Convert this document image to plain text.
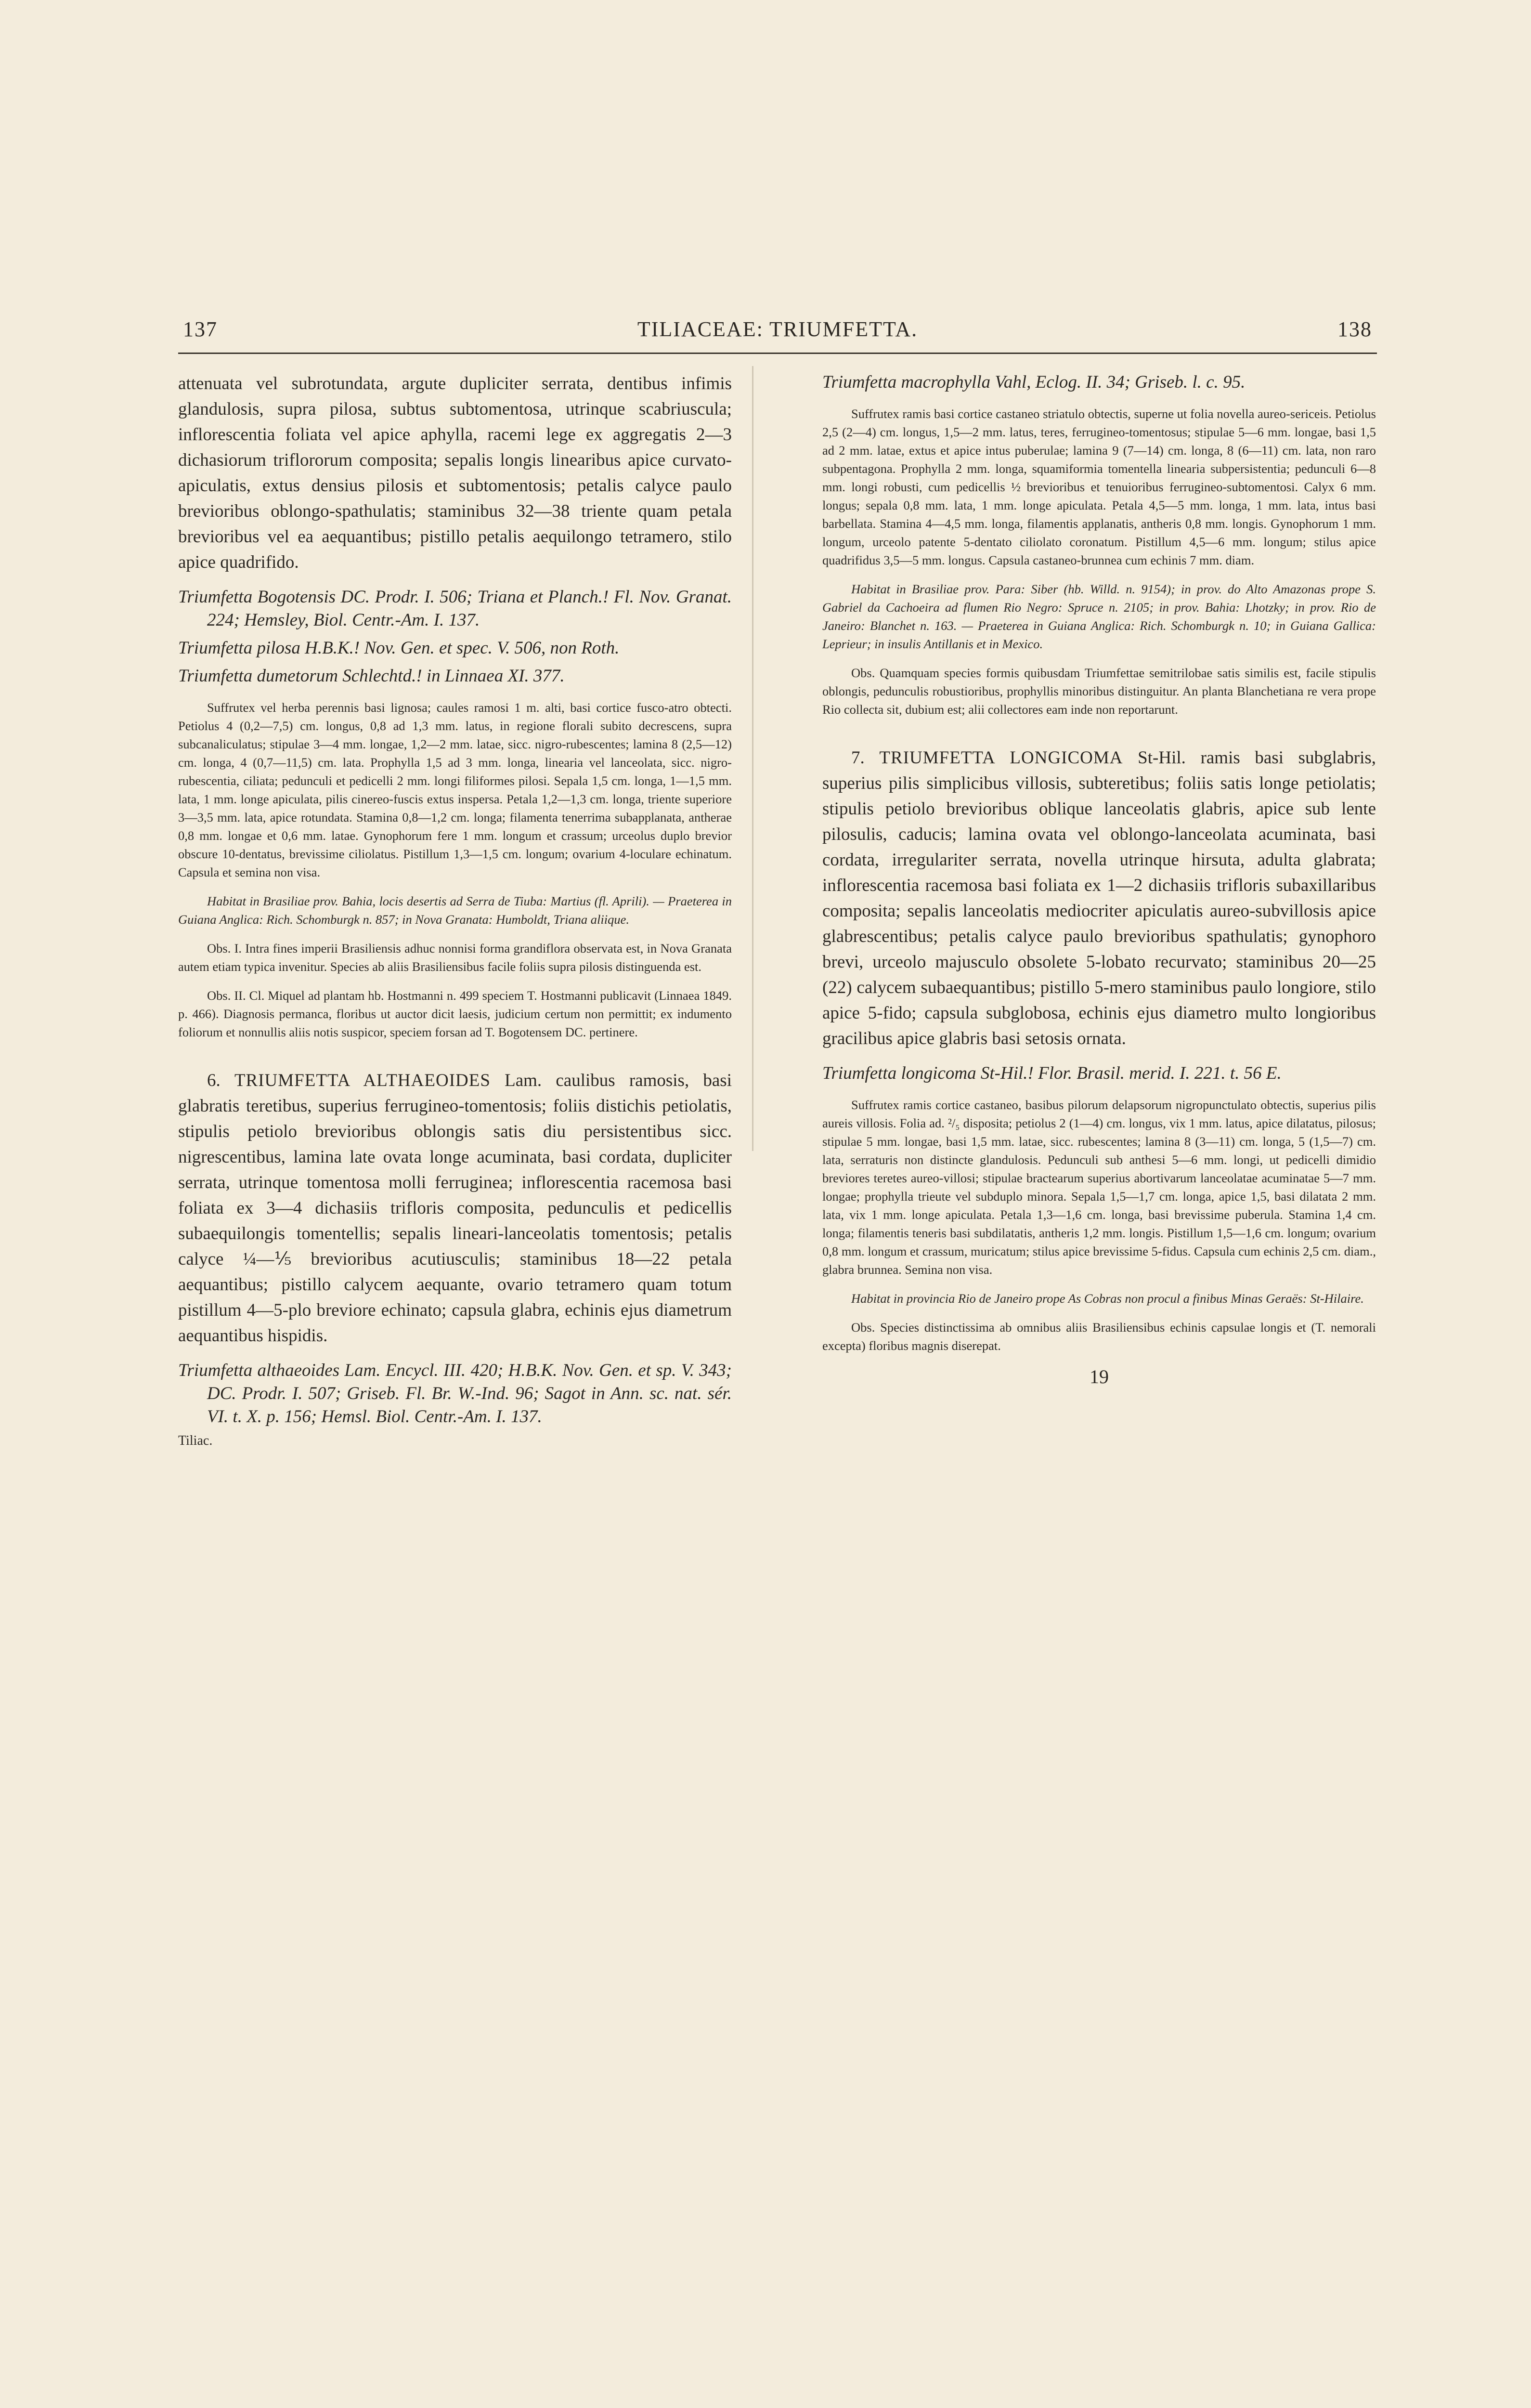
137	TILIACEAE: TRIUMFETTA.	138

attenuata vel subrotundata, argute dupliciter serrata, dentibus infimis glandulosis, supra pilosa, subtus subtomentosa, utrinque scabriuscula; inflorescentia foliata vel apice aphylla, racemi lege ex aggregatis 2—3 dichasiorum triflororum composita; sepalis longis linearibus apice curvato-apiculatis, extus densius pilosis et subtomentosis; petalis calyce paulo brevioribus oblongo-spathulatis; staminibus 32—38 triente quam petala brevioribus vel ea aequantibus; pistillo petalis aequilongo tetramero, stilo apice quadrifido.

Triumfetta Bogotensis DC. Prodr. I. 506; Triana et Planch.! Fl. Nov. Granat. 224; Hemsley, Biol. Centr.-Am. I. 137.

Triumfetta pilosa H.B.K.! Nov. Gen. et spec. V. 506, non Roth.

Triumfetta dumetorum Schlechtd.! in Linnaea XI. 377.

Suffrutex vel herba perennis basi lignosa; caules ramosi 1 m. alti, basi cortice fusco-atro obtecti. Petiolus 4 (0,2—7,5) cm. longus, 0,8 ad 1,3 mm. latus, in regione florali subito decrescens, supra subcanaliculatus; stipulae 3—4 mm. longae, 1,2—2 mm. latae, sicc. nigro-rubescentes; lamina 8 (2,5—12) cm. longa, 4 (0,7—11,5) cm. lata. Prophylla 1,5 ad 3 mm. longa, linearia vel lanceolata, sicc. nigro-rubescentia, ciliata; pedunculi et pedicelli 2 mm. longi filiformes pilosi. Sepala 1,5 cm. longa, 1—1,5 mm. lata, 1 mm. longe apiculata, pilis cinereo-fuscis extus inspersa. Petala 1,2—1,3 cm. longa, triente superiore 3—3,5 mm. lata, apice rotundata. Stamina 0,8—1,2 cm. longa; filamenta tenerrima subapplanata, antherae 0,8 mm. longae et 0,6 mm. latae. Gynophorum fere 1 mm. longum et crassum; urceolus duplo brevior obscure 10-dentatus, brevissime ciliolatus. Pistillum 1,3—1,5 cm. longum; ovarium 4-loculare echinatum. Capsula et semina non visa.

Habitat in Brasiliae prov. Bahia, locis desertis ad Serra de Tiuba: Martius (fl. Aprili). — Praeterea in Guiana Anglica: Rich. Schomburgk n. 857; in Nova Granata: Humboldt, Triana aliique.

Obs. I. Intra fines imperii Brasiliensis adhuc nonnisi forma grandiflora observata est, in Nova Granata autem etiam typica invenitur. Species ab aliis Brasiliensibus facile foliis supra pilosis distinguenda est.

Obs. II. Cl. Miquel ad plantam hb. Hostmanni n. 499 speciem T. Hostmanni publicavit (Linnaea 1849. p. 466). Diagnosis permanca, floribus ut auctor dicit laesis, judicium certum non permittit; ex indumento foliorum et nonnullis aliis notis suspicor, speciem forsan ad T. Bogotensem DC. pertinere.

6. TRIUMFETTA ALTHAEOIDES Lam. caulibus ramosis, basi glabratis teretibus, superius ferrugineo-tomentosis; foliis distichis petiolatis, stipulis petiolo brevioribus oblongis satis diu persistentibus sicc. nigrescentibus, lamina late ovata longe acuminata, basi cordata, dupliciter serrata, utrinque tomentosa molli ferruginea; inflorescentia racemosa basi foliata ex 3—4 dichasiis trifloris composita, pedunculis et pedicellis subaequilongis tomentellis; sepalis lineari-lanceolatis tomentosis; petalis calyce ¼—⅕ brevioribus acutiusculis; staminibus 18—22 petala aequantibus; pistillo calycem aequante, ovario tetramero quam totum pistillum 4—5-plo breviore echinato; capsula glabra, echinis ejus diametrum aequantibus hispidis.

Triumfetta althaeoides Lam. Encycl. III. 420; H.B.K. Nov. Gen. et sp. V. 343; DC. Prodr. I. 507; Griseb. Fl. Br. W.-Ind. 96; Sagot in Ann. sc. nat. sér. VI. t. X. p. 156; Hemsl. Biol. Centr.-Am. I. 137.

Tiliac.

Triumfetta macrophylla Vahl, Eclog. II. 34; Griseb. l. c. 95.

Suffrutex ramis basi cortice castaneo striatulo obtectis, superne ut folia novella aureo-sericeis. Petiolus 2,5 (2—4) cm. longus, 1,5—2 mm. latus, teres, ferrugineo-tomentosus; stipulae 5—6 mm. longae, basi 1,5 ad 2 mm. latae, extus et apice intus puberulae; lamina 9 (7—14) cm. longa, 8 (6—11) cm. lata, non raro subpentagona. Prophylla 2 mm. longa, squamiformia tomentella linearia subpersistentia; pedunculi 6—8 mm. longi robusti, cum pedicellis ½ brevioribus et tenuioribus ferrugineo-subtomentosi. Calyx 6 mm. longus; sepala 0,8 mm. lata, 1 mm. longe apiculata. Petala 4,5—5 mm. longa, 1 mm. lata, intus basi barbellata. Stamina 4—4,5 mm. longa, filamentis applanatis, antheris 0,8 mm. longis. Gynophorum 1 mm. longum, urceolo patente 5-dentato ciliolato coronatum. Pistillum 4,5—6 mm. longum; stilus apice quadrifidus 3,5—5 mm. longus. Capsula castaneo-brunnea cum echinis 7 mm. diam.

Habitat in Brasiliae prov. Para: Siber (hb. Willd. n. 9154); in prov. do Alto Amazonas prope S. Gabriel da Cachoeira ad flumen Rio Negro: Spruce n. 2105; in prov. Bahia: Lhotzky; in prov. Rio de Janeiro: Blanchet n. 163. — Praeterea in Guiana Anglica: Rich. Schomburgk n. 10; in Guiana Gallica: Leprieur; in insulis Antillanis et in Mexico.

Obs. Quamquam species formis quibusdam Triumfettae semitrilobae satis similis est, facile stipulis oblongis, pedunculis robustioribus, prophyllis minoribus distinguitur. An planta Blanchetiana re vera prope Rio collecta sit, dubium est; alii collectores eam inde non reportarunt.

7. TRIUMFETTA LONGICOMA St-Hil. ramis basi subglabris, superius pilis simplicibus villosis, subteretibus; foliis satis longe petiolatis; stipulis petiolo brevioribus oblique lanceolatis glabris, apice sub lente pilosulis, caducis; lamina ovata vel oblongo-lanceolata acuminata, basi cordata, irregulariter serrata, novella utrinque hirsuta, adulta glabrata; inflorescentia racemosa basi foliata ex 1—2 dichasiis trifloris subaxillaribus composita; sepalis lanceolatis mediocriter apiculatis aureo-subvillosis apice glabrescentibus; petalis calyce paulo brevioribus spathulatis; gynophoro brevi, urceolo majusculo obsolete 5-lobato recurvato; staminibus 20—25 (22) calycem subaequantibus; pistillo 5-mero staminibus paulo longiore, stilo apice 5-fido; capsula subglobosa, echinis ejus diametro multo longioribus gracilibus apice glabris basi setosis ornata.

Triumfetta longicoma St-Hil.! Flor. Brasil. merid. I. 221. t. 56 E.

Suffrutex ramis cortice castaneo, basibus pilorum delapsorum nigropunctulato obtectis, superius pilis aureis villosis. Folia ad. ²/₅ disposita; petiolus 2 (1—4) cm. longus, vix 1 mm. latus, apice dilatatus, pilosus; stipulae 5 mm. longae, basi 1,5 mm. latae, sicc. rubescentes; lamina 8 (3—11) cm. longa, 5 (1,5—7) cm. lata, serraturis non distincte glandulosis. Pedunculi sub anthesi 5—6 mm. longi, ut pedicelli dimidio breviores teretes aureo-villosi; stipulae bractearum superius abortivarum lanceolatae acuminatae 5—7 mm. longae; prophylla trieute vel subduplo minora. Sepala 1,5—1,7 cm. longa, apice 1,5, basi dilatata 2 mm. lata, vix 1 mm. longe apiculata. Petala 1,3—1,6 cm. longa, basi brevissime puberula. Stamina 1,4 cm. longa; filamentis teneris basi subdilatatis, antheris 1,2 mm. longis. Pistillum 1,5—1,6 cm. longum; ovarium 0,8 mm. longum et crassum, muricatum; stilus apice brevissime 5-fidus. Capsula cum echinis 2,5 cm. diam., glabra brunnea. Semina non visa.

Habitat in provincia Rio de Janeiro prope As Cobras non procul a finibus Minas Geraës: St-Hilaire.

Obs. Species distinctissima ab omnibus aliis Brasiliensibus echinis capsulae longis et (T. nemorali excepta) floribus magnis diserepat.

19
